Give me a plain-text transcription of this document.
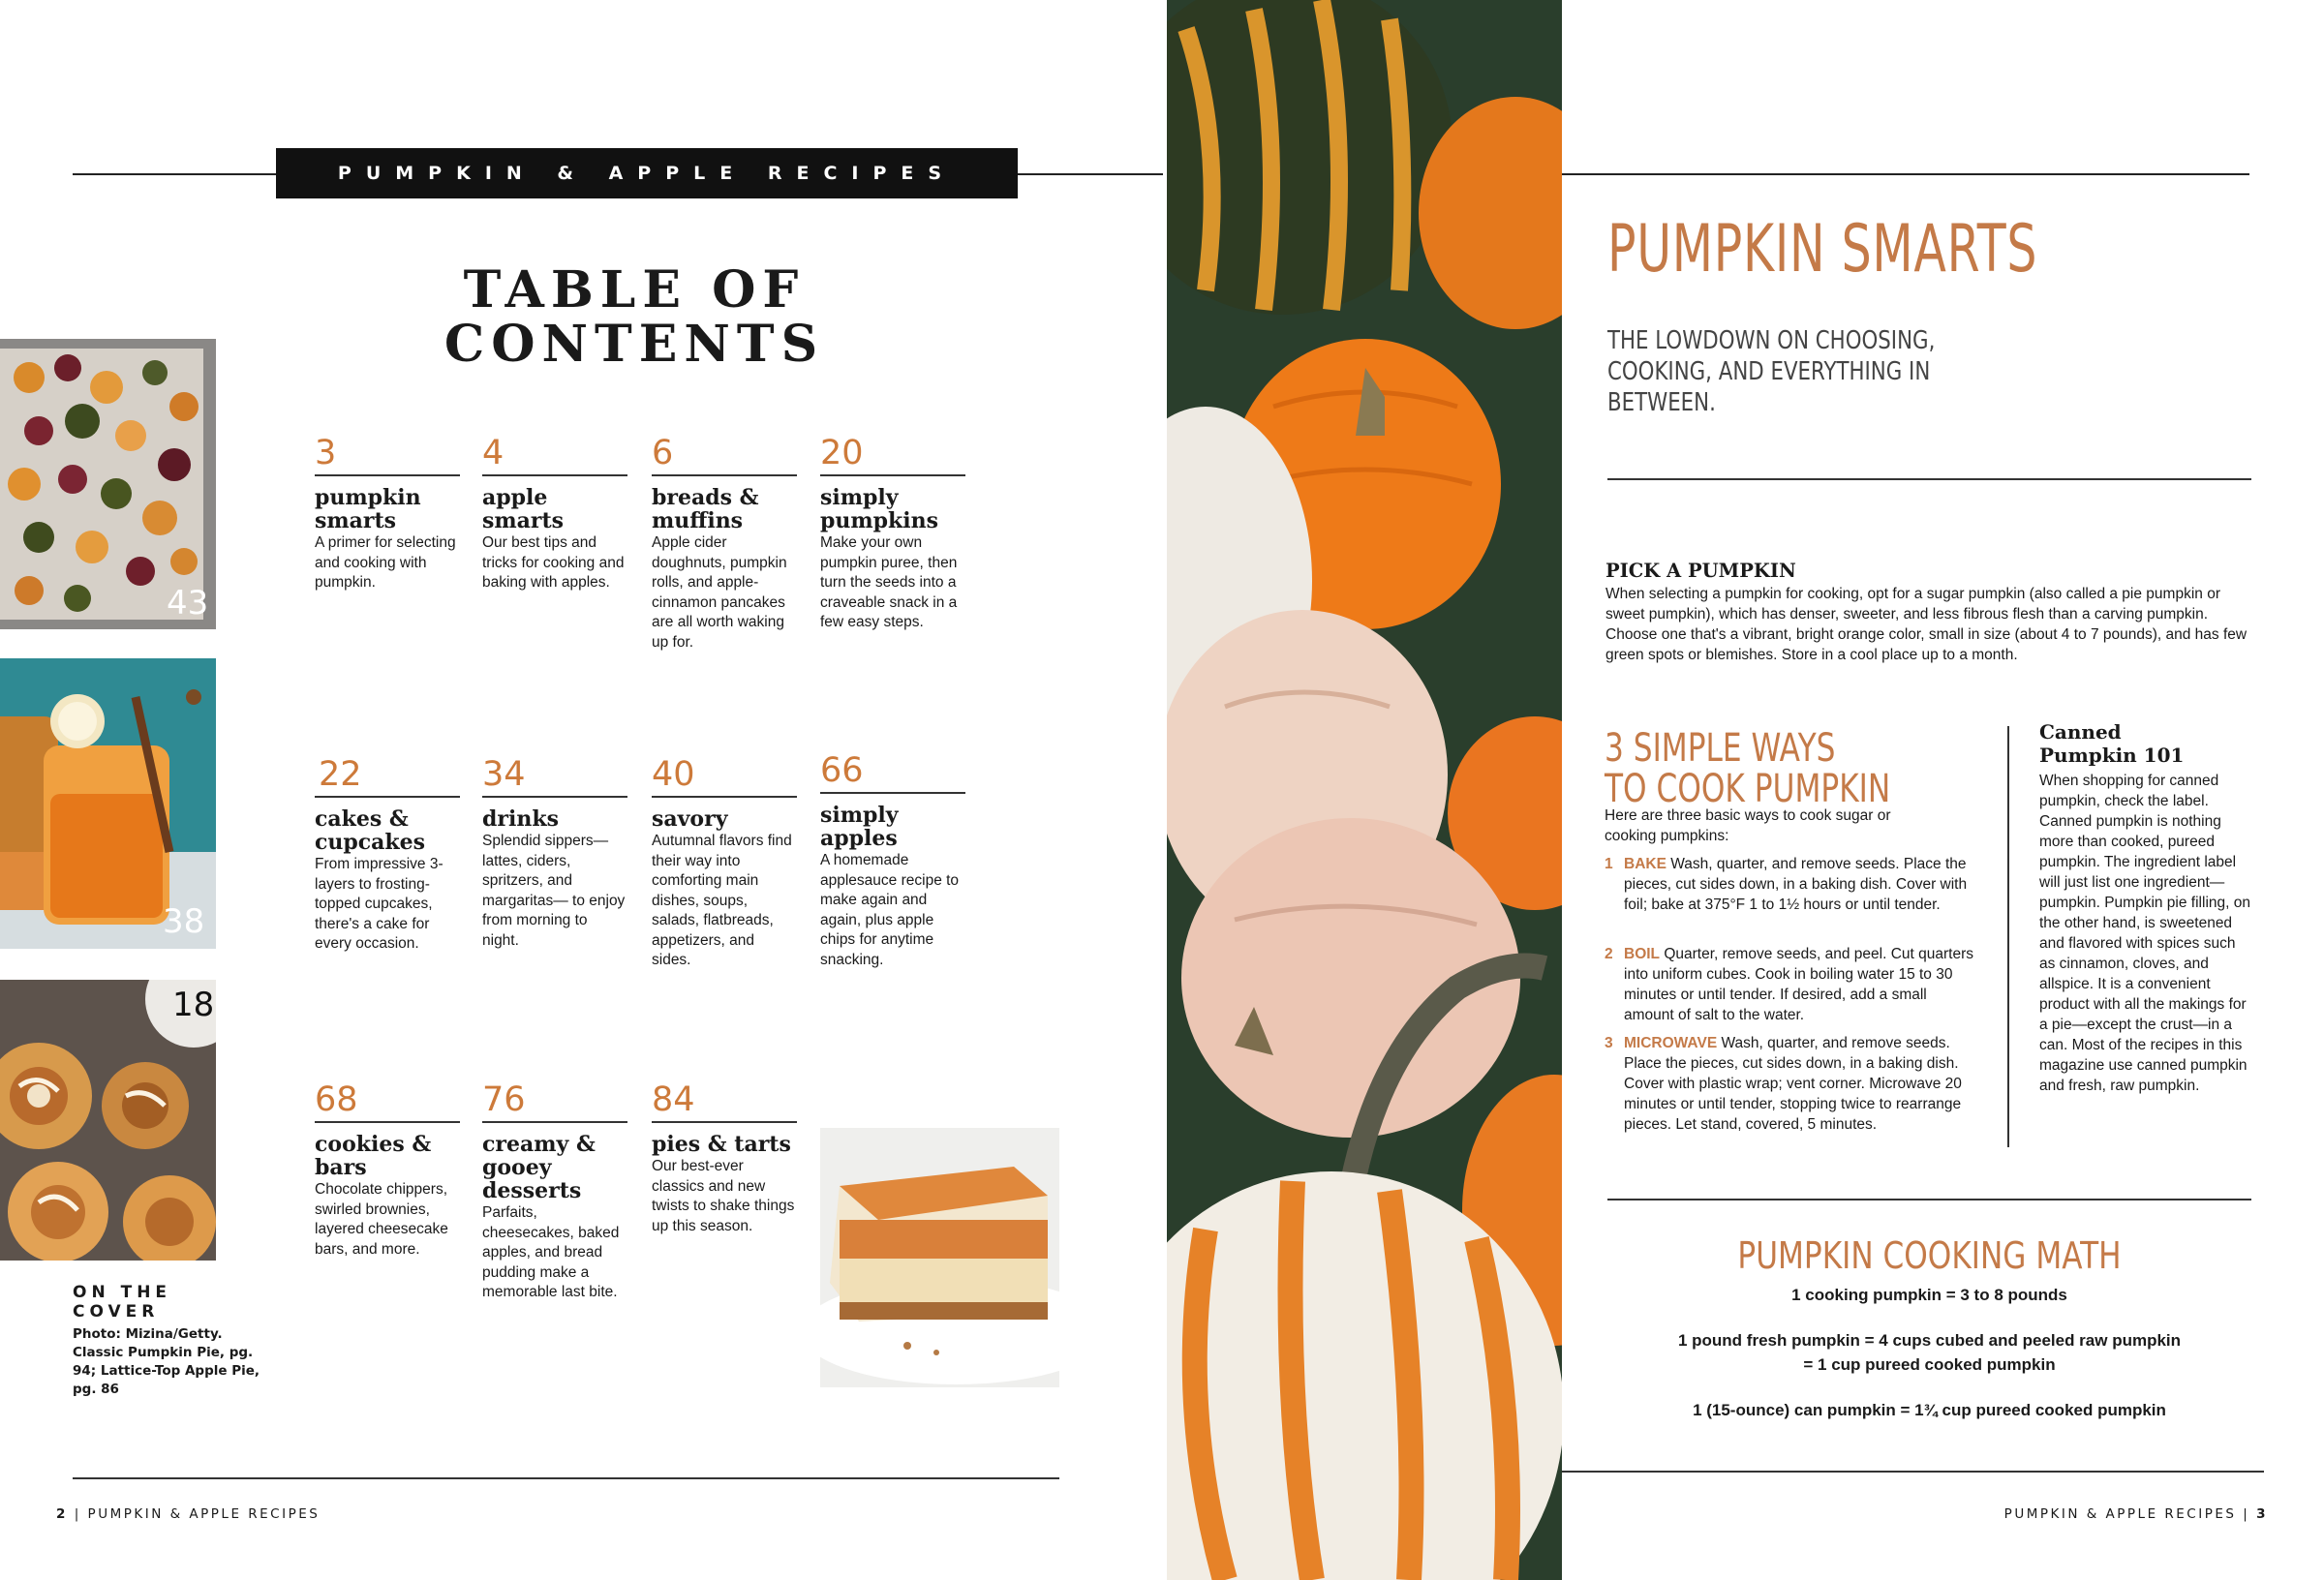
PUMPKIN & APPLE RECIPES
TABLE OF
CONTENTS
43
38
18
ON THE COVER
Photo: Mizina/Getty. Classic Pumpkin Pie, pg. 94; Lattice-Top Apple Pie, pg. 86
3
pumpkin smarts
A primer for selecting and cooking with pumpkin.
4
apple smarts
Our best tips and tricks for cooking and baking with apples.
6
breads & muffins
Apple cider doughnuts, pumpkin rolls, and apple-cinnamon pancakes are all worth waking up for.
20
simply pumpkins
Make your own pumpkin puree, then turn the seeds into a craveable snack in a few easy steps.
22
cakes & cupcakes
From impressive 3-layers to frosting-topped cupcakes, there's a cake for every occasion.
34
drinks
Splendid sippers— lattes, ciders, spritzers, and margaritas— to enjoy from morning to night.
40
savory
Autumnal flavors find their way into comforting main dishes, soups, salads, flatbreads, appetizers, and sides.
66
simply apples
A homemade applesauce recipe to make again and again, plus apple chips for anytime snacking.
68
cookies & bars
Chocolate chippers, swirled brownies, layered cheesecake bars, and more.
76
creamy & gooey desserts
Parfaits, cheesecakes, baked apples, and bread pudding make a memorable last bite.
84
pies & tarts
Our best-ever classics and new twists to shake things up this season.
79
2 | PUMPKIN & APPLE RECIPES
PUMPKIN SMARTS
THE LOWDOWN ON CHOOSING, COOKING, AND EVERYTHING IN BETWEEN.
PICK A PUMPKIN
When selecting a pumpkin for cooking, opt for a sugar pumpkin (also called a pie pumpkin or sweet pumpkin), which has denser, sweeter, and less fibrous flesh than a carving pumpkin. Choose one that's a vibrant, bright orange color, small in size (about 4 to 7 pounds), and has few green spots or blemishes. Store in a cool place up to a month.
3 SIMPLE WAYS
TO COOK PUMPKIN
Here are three basic ways to cook sugar or cooking pumpkins:
1 BAKE Wash, quarter, and remove seeds. Place the pieces, cut sides down, in a baking dish. Cover with foil; bake at 375°F 1 to 1½ hours or until tender.
2 BOIL Quarter, remove seeds, and peel. Cut quarters into uniform cubes. Cook in boiling water 15 to 30 minutes or until tender. If desired, add a small amount of salt to the water.
3 MICROWAVE Wash, quarter, and remove seeds. Place the pieces, cut sides down, in a baking dish. Cover with plastic wrap; vent corner. Microwave 20 minutes or until tender, stopping twice to rearrange pieces. Let stand, covered, 5 minutes.
Canned Pumpkin 101
When shopping for canned pumpkin, check the label. Canned pumpkin is nothing more than cooked, pureed pumpkin. The ingredient label will just list one ingredient—pumpkin. Pumpkin pie filling, on the other hand, is sweetened and flavored with spices such as cinnamon, cloves, and allspice. It is a convenient product with all the makings for a pie—except the crust—in a can. Most of the recipes in this magazine use canned pumpkin and fresh, raw pumpkin.
PUMPKIN COOKING MATH
1 cooking pumpkin = 3 to 8 pounds
1 pound fresh pumpkin = 4 cups cubed and peeled raw pumpkin
= 1 cup pureed cooked pumpkin
1 (15-ounce) can pumpkin = 1¾ cup pureed cooked pumpkin
PUMPKIN & APPLE RECIPES | 3
